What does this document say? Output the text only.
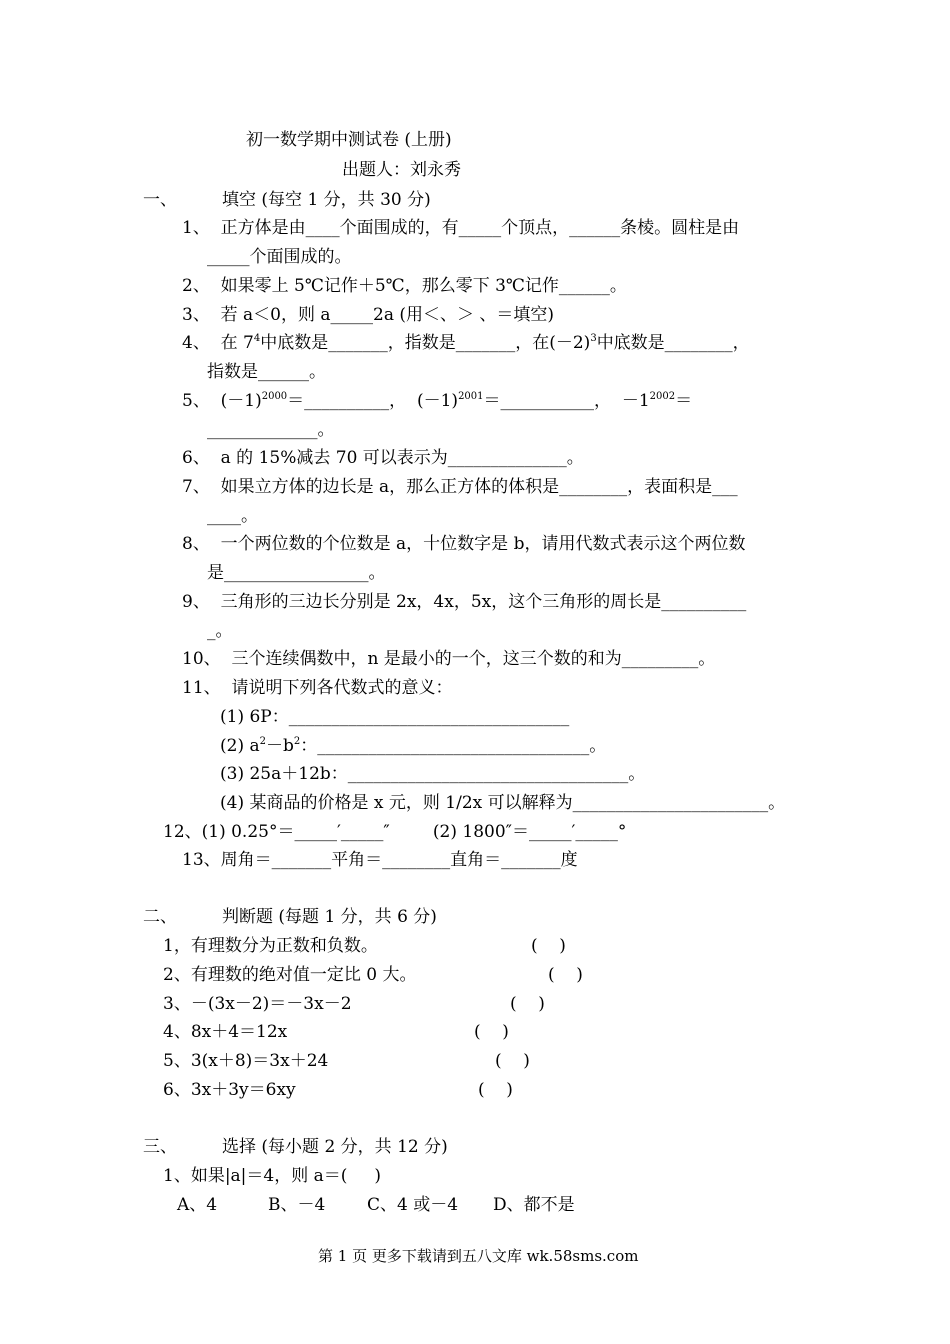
初一数学期中测试卷 (上册)
出题人：刘永秀
一、	填空 (每空 1 分，共 30 分)
1、  正方体是由____个面围成的，有_____个顶点，______条棱。圆柱是由
_____个面围成的。
2、  如果零上 5℃记作＋5℃，那么零下 3℃记作______。
3、  若 a＜0，则 a_____2a (用＜、＞ 、＝填空)
4、  在 $7^4$中底数是_______，指数是_______，在$(-2)^3$中底数是________，
指数是______。
5、  $(-1)^{2000}=\_\_\_\_\_\_\_\_\_\_$，  $(-1)^{2001}=\_\_\_\_\_\_\_\_\_\_\_$，  $-1^{2002}=$
_____________。
6、  a 的 15%减去 70 可以表示为______________。
7、  如果立方体的边长是 a，那么正方体的体积是________，表面积是___
____。
8、  一个两位数的个位数是 a，十位数字是 b，请用代数式表示这个两位数
是_________________。
9、  三角形的三边长分别是 2x，4x，5x，这个三角形的周长是__________
_。
10、  三个连续偶数中，n 是最小的一个，这三个数的和为_________。
11、  请说明下列各代数式的意义：
(1) 6P：_________________________________
(2) $a^2-b^2$：________________________________。
(3) 25a＋12b：_________________________________。
(4) 某商品的价格是 x 元，则 1/2x 可以解释为_______________________。
12、(1) 0.25°＝_____′_____″        (2) 1800″＝_____′_____°
13、周角＝_______平角＝________直角＝_______度
二、	判断题 (每题 1 分，共 6 分)
1，有理数分为正数和负数。	(    )
2、有理数的绝对值一定比 0 大。	(    )
3、－(3x－2)＝－3x－2	(    )
4、8x＋4＝12x	(    )
5、3(x＋8)＝3x＋24	(    )
6、3x＋3y＝6xy	(    )
三、	选择 (每小题 2 分，共 12 分)
1、如果|a|＝4，则 a＝(     )
A、4	B、－4 C、4 或－4 D、都不是
第 1 页 更多下载请到五八文库 wk.58sms.com
